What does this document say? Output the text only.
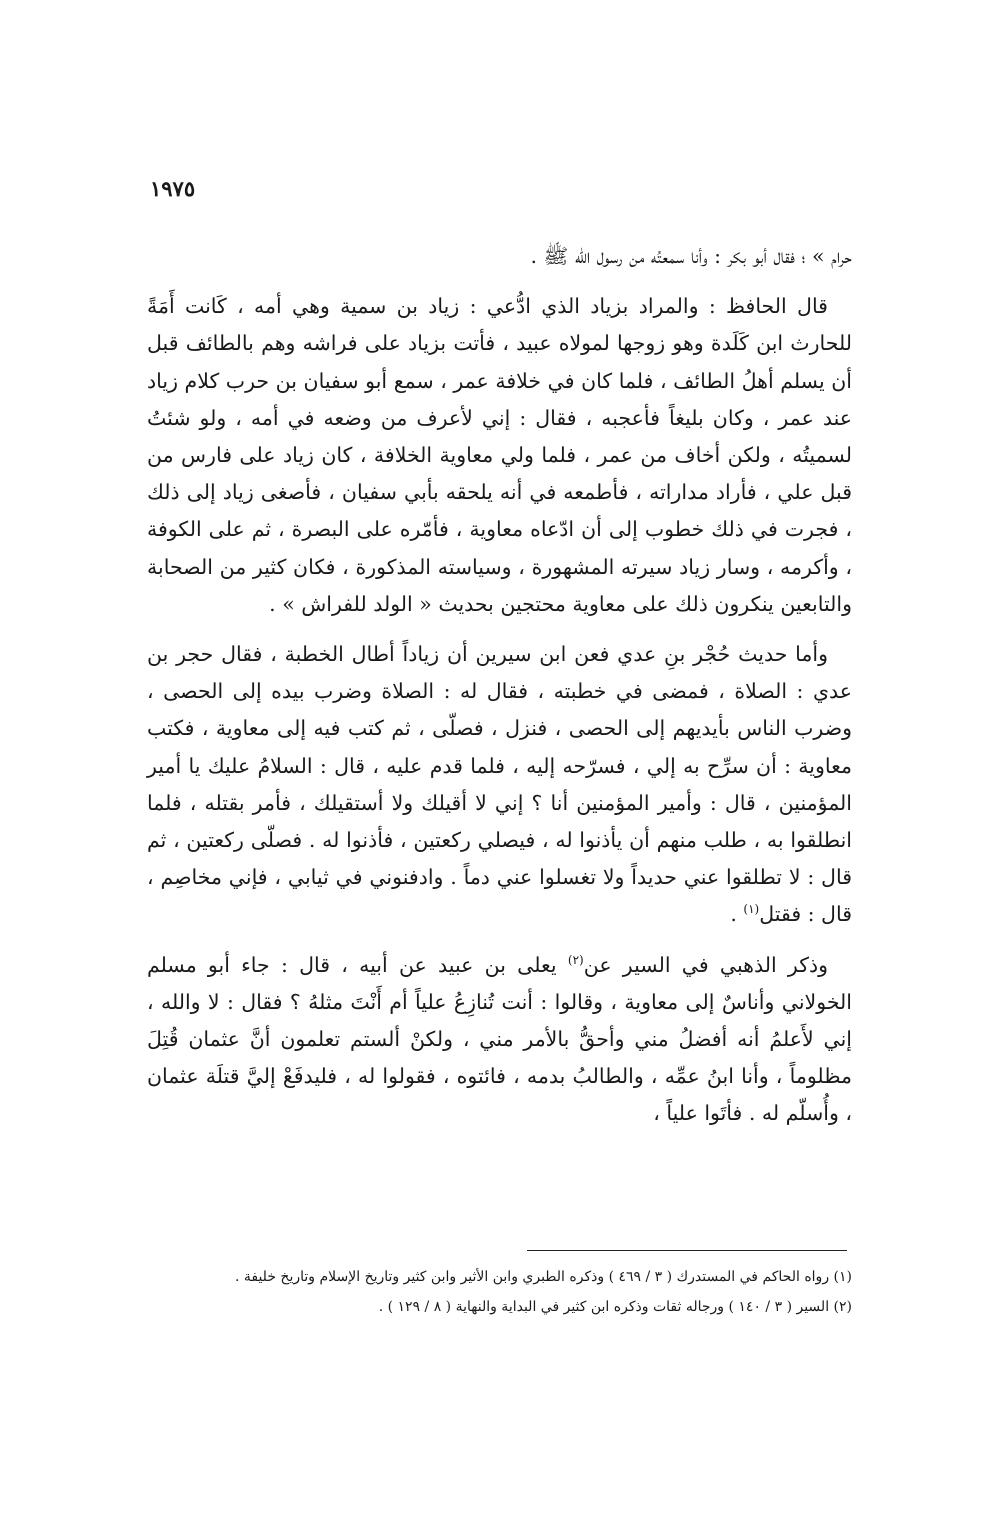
١٩٧٥

حرام » ؛ فقال أبو بكر : وأنا سمعتُه من رسول الله ﷺ .

قال الحافظ : والمراد بزياد الذي ادُّعي : زياد بن سمية وهي أمه ، كَانت أَمَةً للحارث ابن كَلَدة وهو زوجها لمولاه عبيد ، فأتت بزياد على فراشه وهم بالطائف قبل أن يسلم أهلُ الطائف ، فلما كان في خلافة عمر ، سمع أبو سفيان بن حرب كلام زياد عند عمر ، وكان بليغاً فأعجبه ، فقال : إني لأعرف من وضعه في أمه ، ولو شئتُ لسميتُه ، ولكن أخاف من عمر ، فلما ولي معاوية الخلافة ، كان زياد على فارس من قبل علي ، فأراد مداراته ، فأطمعه في أنه يلحقه بأبي سفيان ، فأصغى زياد إلى ذلك ، فجرت في ذلك خطوب إلى أن ادّعاه معاوية ، فأمّره على البصرة ، ثم على الكوفة ، وأكرمه ، وسار زياد سيرته المشهورة ، وسياسته المذكورة ، فكان كثير من الصحابة والتابعين ينكرون ذلك على معاوية محتجين بحديث « الولد للفراش » .

وأما حديث حُجْر بنِ عدي فعن ابن سيرين أن زياداً أطال الخطبة ، فقال حجر بن عدي : الصلاة ، فمضى في خطبته ، فقال له : الصلاة وضرب بيده إلى الحصى ، وضرب الناس بأيديهم إلى الحصى ، فنزل ، فصلّى ، ثم كتب فيه إلى معاوية ، فكتب معاوية : أن سرِّح به إلي ، فسرّحه إليه ، فلما قدم عليه ، قال : السلامُ عليك يا أمير المؤمنين ، قال : وأمير المؤمنين أنا ؟ إني لا أقيلك ولا أستقيلك ، فأمر بقتله ، فلما انطلقوا به ، طلب منهم أن يأذنوا له ، فيصلي ركعتين ، فأذنوا له . فصلّى ركعتين ، ثم قال : لا تطلقوا عني حديداً ولا تغسلوا عني دماً . وادفنوني في ثيابي ، فإني مخاصِم ، قال : فقتل$^{(١)}$ .

وذكر الذهبي في السير عن$^{(٢)}$ يعلى بن عبيد عن أبيه ، قال : جاء أبو مسلم الخولاني وأناسٌ إلى معاوية ، وقالوا : أنت تُنازِعُ علياً أم أَنْتَ مثلهُ ؟ فقال : لا والله ، إني لأَعلمُ أنه أفضلُ مني وأحقُّ بالأمر مني ، ولكنْ ألستم تعلمون أنَّ عثمان قُتِلَ مظلوماً ، وأنا ابنُ عمِّه ، والطالبُ بدمه ، فائتوه ، فقولوا له ، فليدفَعْ إليَّ قتلَة عثمان ، وأُسلّم له . فأتَوا علياً ،

(١) رواه الحاكم في المستدرك ( ٣ / ٤٦٩ ) وذكره الطبري وابن الأثير وابن كثير وتاريخ الإسلام وتاريخ خليفة .

(٢) السير ( ٣ / ١٤٠ ) ورجاله ثقات وذكره ابن كثير في البداية والنهاية ( ٨ / ١٢٩ ) .
